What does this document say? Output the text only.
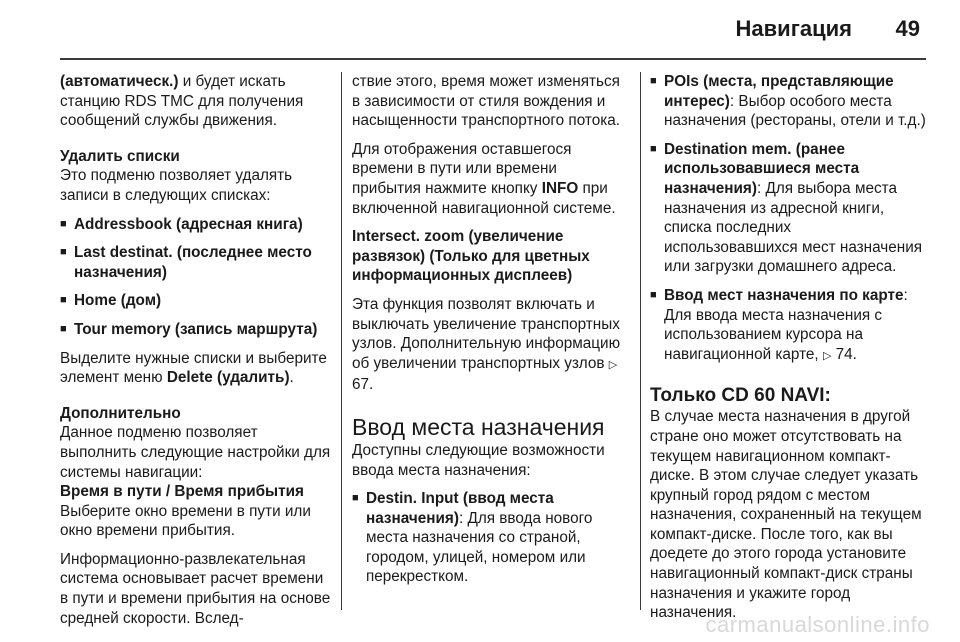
Навигация 49

(автоматическ.) и будет искать станцию RDS TMC для получения сообщений службы движения.

Удалить списки

Это подменю позволяет удалять записи в следующих списках:

■ Addressbook (адресная книга)
■ Last destinat. (последнее место назначения)
■ Home (дом)
■ Tour memory (запись маршрута)

Выделите нужные списки и выберите элемент меню Delete (удалить).

Дополнительно

Данное подменю позволяет выполнить следующие настройки для системы навигации:

Время в пути / Время прибытия

Выберите окно времени в пути или окно времени прибытия.

Информационно-развлекательная система основывает расчет времени в пути и времени прибытия на основе средней скорости. Вслед-

ствие этого, время может изменяться в зависимости от стиля вождения и насыщенности транспортного потока.

Для отображения оставшегося времени в пути или времени прибытия нажмите кнопку INFO при включенной навигационной системе.

Intersect. zoom (увеличение развязок) (Только для цветных информационных дисплеев)

Эта функция позволят включать и выключать увеличение транспортных узлов. Дополнительную информацию об увеличении транспортных узлов ▷ 67.

Ввод места назначения

Доступны следующие возможности ввода места назначения:

■ Destin. Input (ввод места назначения): Для ввода нового места назначения со страной, городом, улицей, номером или перекрестком.
■ POIs (места, представляющие интерес): Выбор особого места назначения (рестораны, отели и т.д.)
■ Destination mem. (ранее использовавшиеся места назначения): Для выбора места назначения из адресной книги, списка последних использовавшихся мест назначения или загрузки домашнего адреса.
■ Ввод мест назначения по карте: Для ввода места назначения с использованием курсора на навигационной карте, ▷ 74.

Только CD 60 NAVI:

В случае места назначения в другой стране оно может отсутствовать на текущем навигационном компакт-диске. В этом случае следует указать крупный город рядом с местом назначения, сохраненный на текущем компакт-диске. После того, как вы доедете до этого города установите навигационный компакт-диск страны назначения и укажите город назначения.

carmanualsonline.info
